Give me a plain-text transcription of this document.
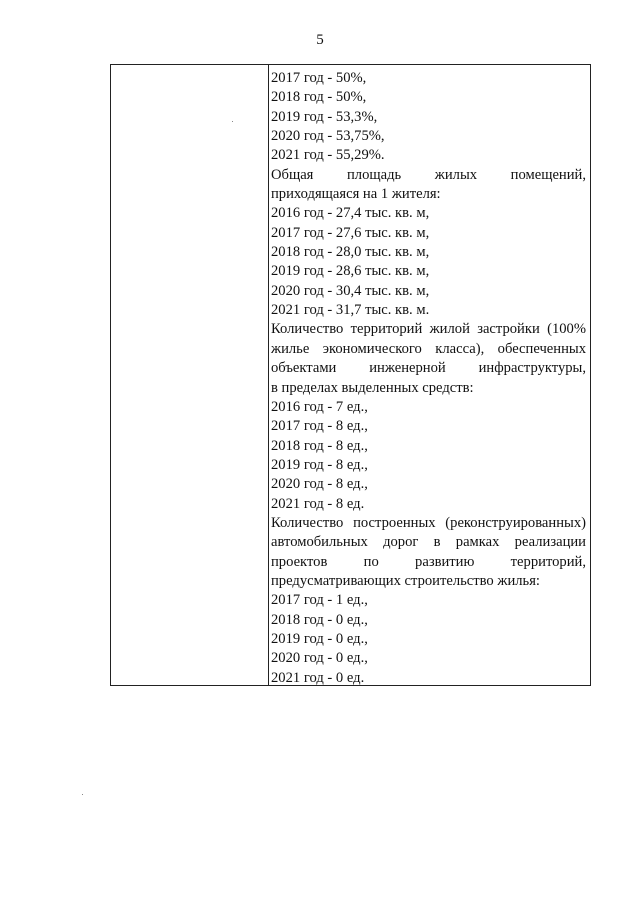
5
2017 год - 50%,
2018 год - 50%,
2019 год - 53,3%,
2020 год - 53,75%,
2021 год - 55,29%.
Общая площадь жилых помещений,
приходящаяся на 1 жителя:
2016 год - 27,4 тыс. кв. м,
2017 год - 27,6 тыс. кв. м,
2018 год - 28,0 тыс. кв. м,
2019 год - 28,6 тыс. кв. м,
2020 год - 30,4 тыс. кв. м,
2021 год - 31,7 тыс. кв. м.
Количество территорий жилой застройки (100%
жилье экономического класса), обеспеченных
объектами инженерной инфраструктуры,
в пределах выделенных средств:
2016 год - 7 ед.,
2017 год - 8 ед.,
2018 год - 8 ед.,
2019 год - 8 ед.,
2020 год - 8 ед.,
2021 год - 8 ед.
Количество построенных (реконструированных)
автомобильных дорог в рамках реализации
проектов по развитию территорий,
предусматривающих строительство жилья:
2017 год - 1 ед.,
2018 год - 0 ед.,
2019 год - 0 ед.,
2020 год - 0 ед.,
2021 год - 0 ед.
